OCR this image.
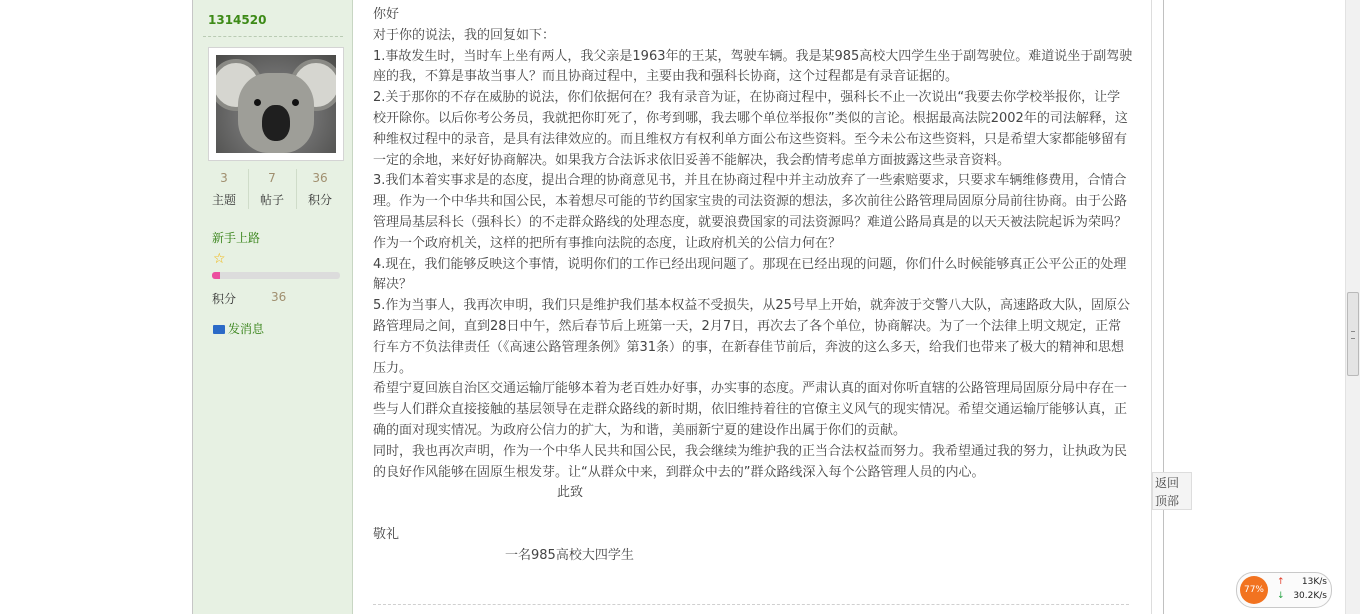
1314520
3
主题
7
帖子
36
积分
新手上路
☆
积分	36
发消息

你好

对于你的说法，我的回复如下：

1.事故发生时，当时车上坐有两人，我父亲是1963年的王某，驾驶车辆。我是某985高校大四学生坐于副驾驶位。难道说坐于副驾驶座的我，不算是事故当事人？而且协商过程中，主要由我和强科长协商，这个过程都是有录音证据的。

2.关于那你的不存在威胁的说法，你们依据何在？我有录音为证，在协商过程中，强科长不止一次说出“我要去你学校举报你，让学校开除你。以后你考公务员，我就把你盯死了，你考到哪，我去哪个单位举报你”类似的言论。根据最高法院2002年的司法解释，这种维权过程中的录音，是具有法律效应的。而且维权方有权利单方面公布这些资料。至今未公布这些资料，只是希望大家都能够留有一定的余地，来好好协商解决。如果我方合法诉求依旧妥善不能解决，我会酌情考虑单方面披露这些录音资料。

3.我们本着实事求是的态度，提出合理的协商意见书，并且在协商过程中并主动放弃了一些索赔要求，只要求车辆维修费用，合情合理。作为一个中华共和国公民，本着想尽可能的节约国家宝贵的司法资源的想法，多次前往公路管理局固原分局前往协商。由于公路管理局基层科长（强科长）的不走群众路线的处理态度，就要浪费国家的司法资源吗？难道公路局真是的以天天被法院起诉为荣吗？作为一个政府机关，这样的把所有事推向法院的态度，让政府机关的公信力何在？

4.现在，我们能够反映这个事情，说明你们的工作已经出现问题了。那现在已经出现的问题，你们什么时候能够真正公平公正的处理解决？

5.作为当事人，我再次申明，我们只是维护我们基本权益不受损失，从25号早上开始，就奔波于交警八大队，高速路政大队，固原公路管理局之间，直到28日中午，然后春节后上班第一天，2月7日，再次去了各个单位，协商解决。为了一个法律上明文规定，正常行车方不负法律责任（《高速公路管理条例》第31条）的事，在新春佳节前后，奔波的这么多天，给我们也带来了极大的精神和思想压力。

希望宁夏回族自治区交通运输厅能够本着为老百姓办好事，办实事的态度。严肃认真的面对你听直辖的公路管理局固原分局中存在一些与人们群众直接接触的基层领导在走群众路线的新时期，依旧维持着往的官僚主义风气的现实情况。希望交通运输厅能够认真，正确的面对现实情况。为政府公信力的扩大，为和谐，美丽新宁夏的建设作出属于你们的贡献。

同时，我也再次声明，作为一个中华人民共和国公民，我会继续为维护我的正当合法权益而努力。我希望通过我的努力，让执政为民的良好作风能够在固原生根发芽。让“从群众中来，到群众中去的”群众路线深入每个公路管理人员的内心。

此致

敬礼

一名985高校大四学生

返回顶部
77%
↑ 13K/s
↓ 30.2K/s
